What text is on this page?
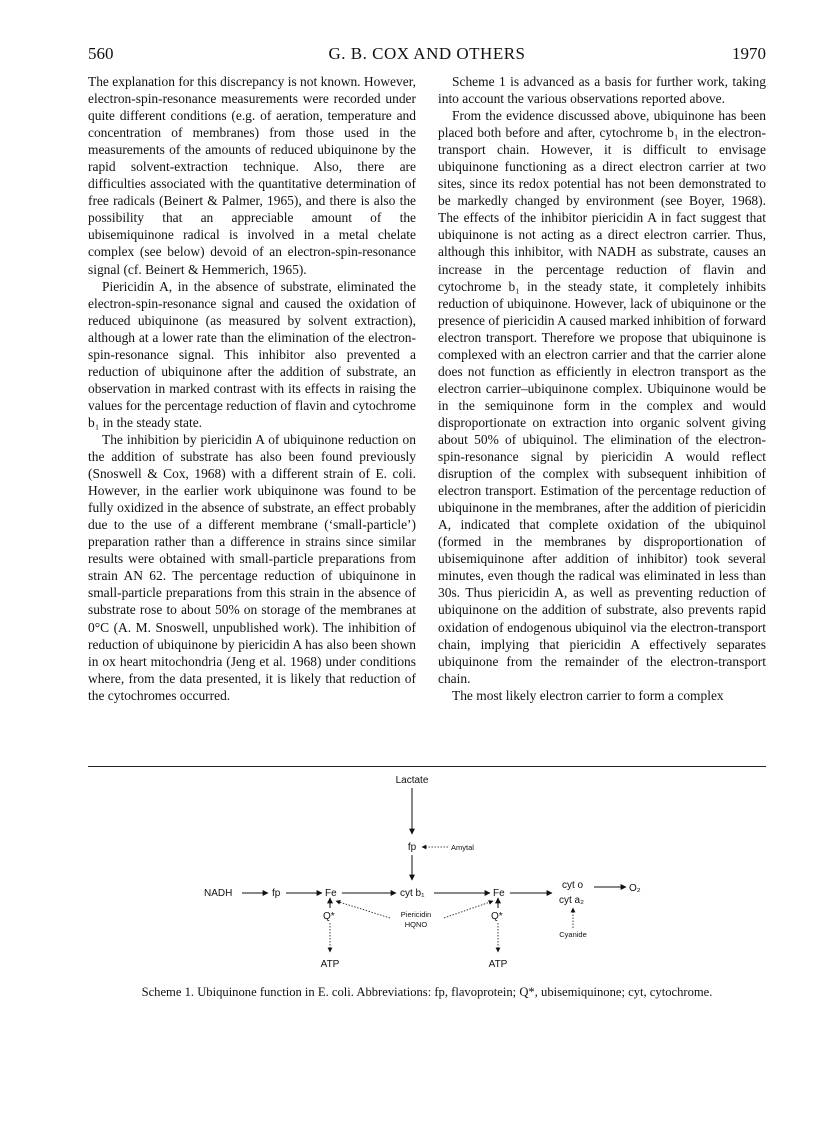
560	G. B. COX AND OTHERS	1970

The explanation for this discrepancy is not known. However, electron-spin-resonance measurements were recorded under quite different conditions (e.g. of aeration, temperature and concentration of membranes) from those used in the measurements of the amounts of reduced ubiquinone by the rapid solvent-extraction technique. Also, there are difficulties associated with the quantitative determination of free radicals (Beinert & Palmer, 1965), and there is also the possibility that an appreciable amount of the ubisemiquinone radical is involved in a metal chelate complex (see below) devoid of an electron-spin-resonance signal (cf. Beinert & Hemmerich, 1965).

Piericidin A, in the absence of substrate, eliminated the electron-spin-resonance signal and caused the oxidation of reduced ubiquinone (as measured by solvent extraction), although at a lower rate than the elimination of the electron-spin-resonance signal. This inhibitor also prevented a reduction of ubiquinone after the addition of substrate, an observation in marked contrast with its effects in raising the values for the percentage reduction of flavin and cytochrome b₁ in the steady state.

The inhibition by piericidin A of ubiquinone reduction on the addition of substrate has also been found previously (Snoswell & Cox, 1968) with a different strain of E. coli. However, in the earlier work ubiquinone was found to be fully oxidized in the absence of substrate, an effect probably due to the use of a different membrane (‘small-particle’) preparation rather than a difference in strains since similar results were obtained with small-particle preparations from strain AN 62. The percentage reduction of ubiquinone in small-particle preparations from this strain in the absence of substrate rose to about 50% on storage of the membranes at 0°C (A. M. Snoswell, unpublished work). The inhibition of reduction of ubiquinone by piericidin A has also been shown in ox heart mitochondria (Jeng et al. 1968) under conditions where, from the data presented, it is likely that reduction of the cytochromes occurred.

Scheme 1 is advanced as a basis for further work, taking into account the various observations reported above.

From the evidence discussed above, ubiquinone has been placed both before and after, cytochrome b₁ in the electron-transport chain. However, it is difficult to envisage ubiquinone functioning as a direct electron carrier at two sites, since its redox potential has not been demonstrated to be markedly changed by environment (see Boyer, 1968). The effects of the inhibitor piericidin A in fact suggest that ubiquinone is not acting as a direct electron carrier. Thus, although this inhibitor, with NADH as substrate, causes an increase in the percentage reduction of flavin and cytochrome b₁ in the steady state, it completely inhibits reduction of ubiquinone. However, lack of ubiquinone or the presence of piericidin A caused marked inhibition of forward electron transport. Therefore we propose that ubiquinone is complexed with an electron carrier and that the carrier alone does not function as efficiently in electron transport as the electron carrier–ubiquinone complex. Ubiquinone would be in the semiquinone form in the complex and would disproportionate on extraction into organic solvent giving about 50% of ubiquinol. The elimination of the electron-spin-resonance signal by piericidin A would reflect disruption of the complex with subsequent inhibition of electron transport. Estimation of the percentage reduction of ubiquinone in the membranes, after the addition of piericidin A, indicated that complete oxidation of the ubiquinol (formed in the membranes by disproportionation of ubisemiquinone after addition of inhibitor) took several minutes, even though the radical was eliminated in less than 30s. Thus piericidin A, as well as preventing reduction of ubiquinone on the addition of substrate, also prevents rapid oxidation of endogenous ubiquinol via the electron-transport chain, implying that piericidin A effectively separates ubiquinone from the remainder of the electron-transport chain.

The most likely electron carrier to form a complex

Lactate
fp	Amytal
NADH	fp	Fe	cyt b₁	Fe
cyt o
cyt a₂
O₂
Q*
ATP
Q*
ATP
Piericidin
HQNO
Cyanide
Scheme 1. Ubiquinone function in E. coli. Abbreviations: fp, flavoprotein; Q*, ubisemiquinone; cyt, cytochrome.
